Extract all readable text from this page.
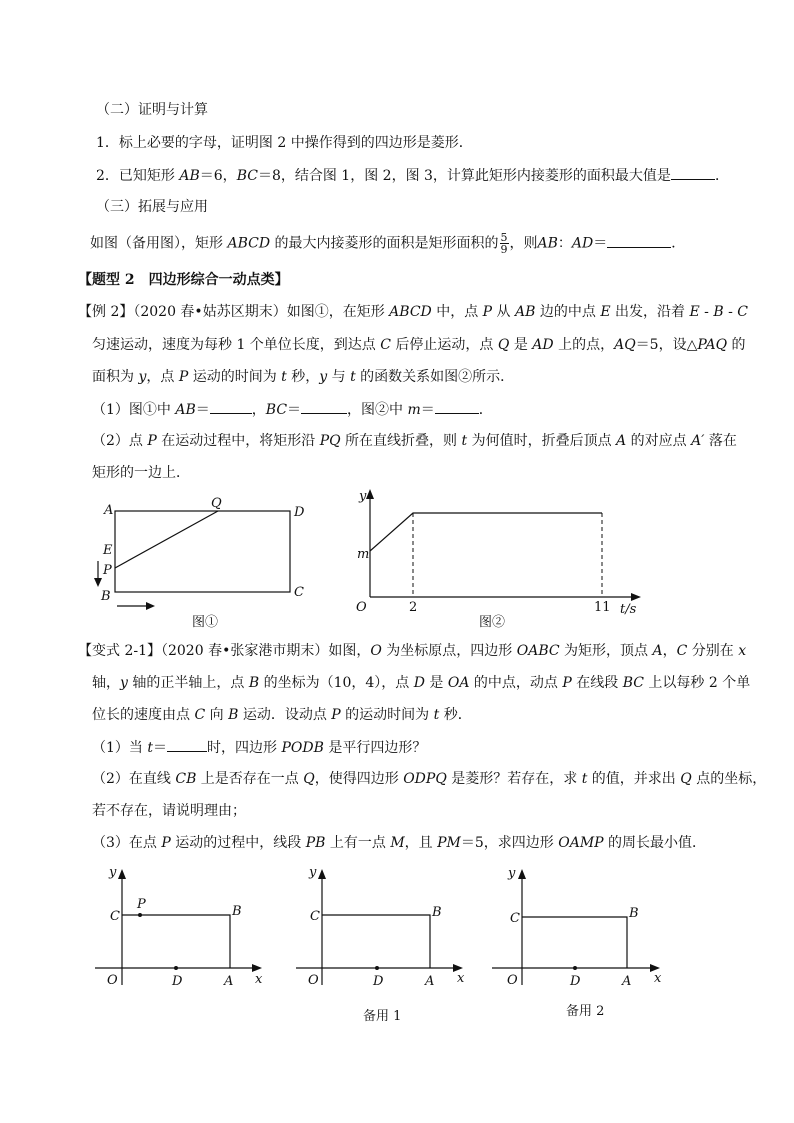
（二）证明与计算
1．标上必要的字母，证明图 2 中操作得到的四边形是菱形．
2．已知矩形 AB＝6，BC＝8，结合图 1，图 2，图 3，计算此矩形内接菱形的面积最大值是	．
（三）拓展与应用
如图（备用图），矩形 ABCD 的最大内接菱形的面积是矩形面积的 $\frac{5}{9}$ ，则AB：AD＝	．
【题型 2　四边形综合一动点类】
【例 2】（2020 春•姑苏区期末）如图①，在矩形 ABCD 中，点 P 从 AB 边的中点 E 出发，沿着 E - B - C
匀速运动，速度为每秒 1 个单位长度，到达点 C 后停止运动，点 Q 是 AD 上的点，AQ＝5，设△PAQ 的
面积为 y，点 P 运动的时间为 t 秒，y 与 t 的函数关系如图②所示．
（1）图①中 AB＝	，BC＝	，图②中 m＝	．
（2）点 P 在运动过程中，将矩形沿 PQ 所在直线折叠，则 t 为何值时，折叠后顶点 A 的对应点 A′ 落在
矩形的一边上．
A
B	C
D
E
P
Q
图①
y
m
O	2	11 t/s
图②
【变式 2-1】（2020 春•张家港市期末）如图，O 为坐标原点，四边形 OABC 为矩形，顶点 A，C 分别在 x
轴，y 轴的正半轴上，点 B 的坐标为（10，4），点 D 是 OA 的中点，动点 P 在线段 BC 上以每秒 2 个单
位长的速度由点 C 向 B 运动．设动点 P 的运动时间为 t 秒．
（1）当 t＝	时，四边形 PODB 是平行四边形？
（2）在直线 CB 上是否存在一点 Q，使得四边形 ODPQ 是菱形？若存在，求 t 的值，并求出 Q 点的坐标，
若不存在，请说明理由；
（3）在点 P 运动的过程中，线段 PB 上有一点 M，且 PM＝5，求四边形 OAMP 的周长最小值．
y
C
P	B
O	D	A x
y
C	B
O	D	A x
备用 1
y
C	B
O	D	A x
备用 2
